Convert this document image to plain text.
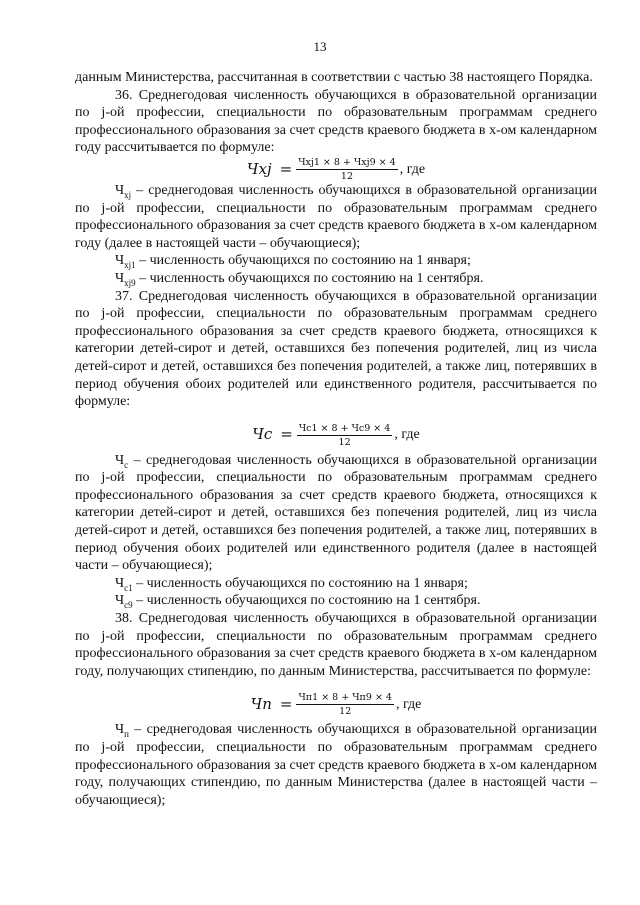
13

данным Министерства, рассчитанная в соответствии с частью 38 настоящего Порядка.

36. Среднегодовая численность обучающихся в образовательной организации по j-ой профессии, специальности по образовательным программам среднего профессионального образования за счет средств краевого бюджета в х-ом календарном году рассчитывается по формуле:

Чxj = $\frac{\text{Чxj1 × 8 + Чxj9 × 4}}{12}$ , где

$Ч_{xj}$ – среднегодовая численность обучающихся в образовательной организации по j-ой профессии, специальности по образовательным программам среднего профессионального образования за счет средств краевого бюджета в х-ом календарном году (далее в настоящей части – обучающиеся);

$Ч_{xj1}$ – численность обучающихся по состоянию на 1 января;

$Ч_{xj9}$ – численность обучающихся по состоянию на 1 сентября.

37. Среднегодовая численность обучающихся в образовательной организации по j-ой профессии, специальности по образовательным программам среднего профессионального образования за счет средств краевого бюджета, относящихся к категории детей-сирот и детей, оставшихся без попечения родителей, лиц из числа детей-сирот и детей, оставшихся без попечения родителей, а также лиц, потерявших в период обучения обоих родителей или единственного родителя, рассчитывается по формуле:

Чс = $\frac{Чс1 \times 8 + Чс9 \times 4}{12}$ , где

$Ч_с$ – среднегодовая численность обучающихся в образовательной организации по j-ой профессии, специальности по образовательным программам среднего профессионального образования за счет средств краевого бюджета, относящихся к категории детей-сирот и детей, оставшихся без попечения родителей, лиц из числа детей-сирот и детей, оставшихся без попечения родителей, а также лиц, потерявших в период обучения обоих родителей или единственного родителя (далее в настоящей части – обучающиеся);

$Ч_{с1}$ – численность обучающихся по состоянию на 1 января;

$Ч_{с9}$ – численность обучающихся по состоянию на 1 сентября.

38. Среднегодовая численность обучающихся в образовательной организации по j-ой профессии, специальности по образовательным программам среднего профессионального образования за счет средств краевого бюджета в х-ом календарном году, получающих стипендию, по данным Министерства, рассчитывается по формуле:

Чп = $\frac{Чп1 \times 8 + Чп9 \times 4}{12}$ , где

$Ч_п$ – среднегодовая численность обучающихся в образовательной организации по j-ой профессии, специальности по образовательным программам среднего профессионального образования за счет средств краевого бюджета в х-ом календарном году, получающих стипендию, по данным Министерства (далее в настоящей части – обучающиеся);
